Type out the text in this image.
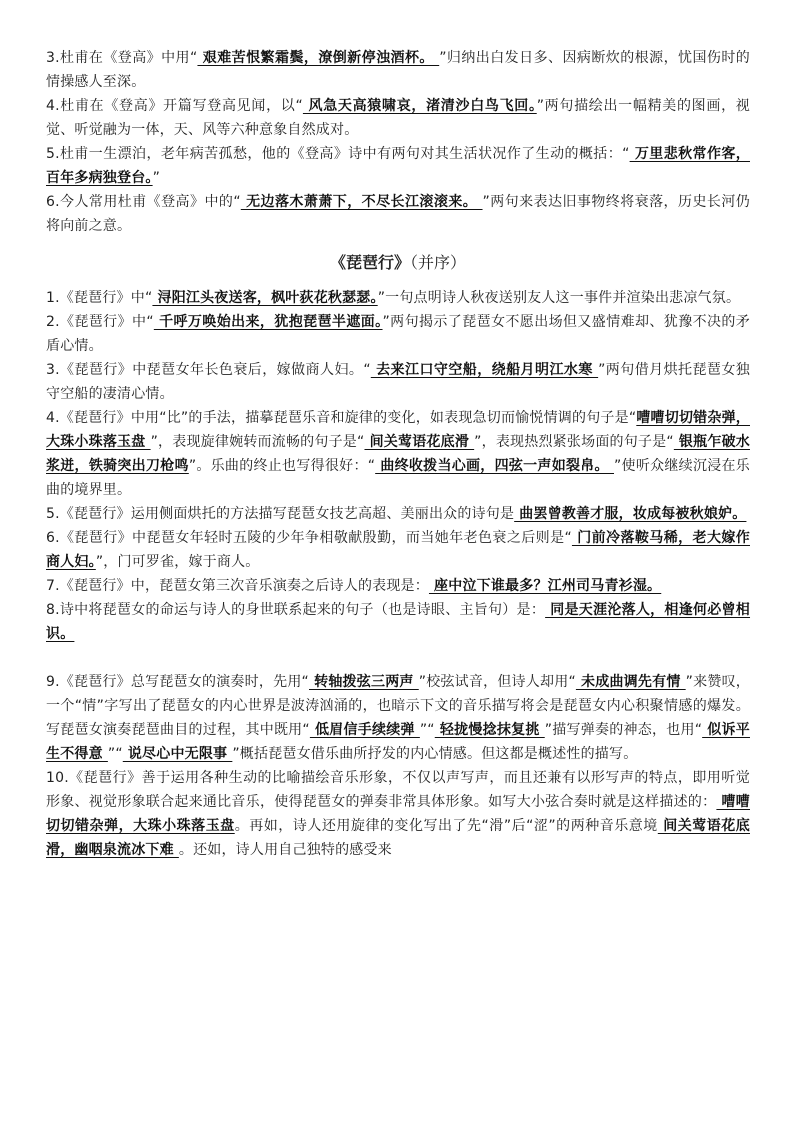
3.杜甫在《登高》中用“ 艰难苦恨繁霜鬓，潦倒新停浊酒杯。 ”归纳出白发日多、因病断炊的根源，忧国伤时的情操感人至深。

4.杜甫在《登高》开篇写登高见闻，以“ 风急天高猿啸哀，渚清沙白鸟飞回。”两句描绘出一幅精美的图画，视觉、听觉融为一体，天、风等六种意象自然成对。

5.杜甫一生漂泊，老年病苦孤愁，他的《登高》诗中有两句对其生活状况作了生动的概括：“ 万里悲秋常作客，百年多病独登台。”

6.今人常用杜甫《登高》中的“ 无边落木萧萧下，不尽长江滚滚来。 ”两句来表达旧事物终将衰落，历史长河仍将向前之意。

《琵琶行》（并序）

1.《琵琶行》中“ 浔阳江头夜送客，枫叶荻花秋瑟瑟。”一句点明诗人秋夜送别友人这一事件并渲染出悲凉气氛。

2.《琵琶行》中“ 千呼万唤始出来，犹抱琵琶半遮面。”两句揭示了琵琶女不愿出场但又盛情难却、犹豫不决的矛盾心情。

3.《琵琶行》中琵琶女年长色衰后，嫁做商人妇。“ 去来江口守空船，绕船月明江水寒 ”两句借月烘托琵琶女独守空船的凄清心情。

4.《琵琶行》中用“比”的手法，描摹琵琶乐音和旋律的变化，如表现急切而愉悦情调的句子是“嘈嘈切切错杂弹，大珠小珠落玉盘 ”，表现旋律婉转而流畅的句子是“ 间关莺语花底滑 ”，表现热烈紧张场面的句子是“ 银瓶乍破水浆迸，铁骑突出刀枪鸣”。乐曲的终止也写得很好：“ 曲终收拨当心画，四弦一声如裂帛。 ”使听众继续沉浸在乐曲的境界里。

5.《琵琶行》运用侧面烘托的方法描写琵琶女技艺高超、美丽出众的诗句是 曲罢曾教善才服，妆成每被秋娘妒。

6.《琵琶行》中琵琶女年轻时五陵的少年争相敬献殷勤，而当她年老色衰之后则是“ 门前冷落鞍马稀，老大嫁作商人妇。”，门可罗雀，嫁于商人。

7.《琵琶行》中，琵琶女第三次音乐演奏之后诗人的表现是： 座中泣下谁最多？江州司马青衫湿。

8.诗中将琵琶女的命运与诗人的身世联系起来的句子（也是诗眼、主旨句）是： 同是天涯沦落人，相逢何必曾相识。

9.《琵琶行》总写琵琶女的演奏时，先用“ 转轴拨弦三两声 ”校弦试音，但诗人却用“ 未成曲调先有情 ”来赞叹，一个“情”字写出了琵琶女的内心世界是波涛汹涌的，也暗示下文的音乐描写将会是琵琶女内心积聚情感的爆发。写琵琶女演奏琵琶曲目的过程，其中既用“ 低眉信手续续弹 ”“ 轻拢慢捻抹复挑 ”描写弹奏的神态，也用“ 似诉平生不得意 ”“ 说尽心中无限事 ”概括琵琶女借乐曲所抒发的内心情感。但这都是概述性的描写。

10.《琵琶行》善于运用各种生动的比喻描绘音乐形象，不仅以声写声，而且还兼有以形写声的特点，即用听觉形象、视觉形象联合起来通比音乐，使得琵琶女的弹奏非常具体形象。如写大小弦合奏时就是这样描述的： 嘈嘈切切错杂弹，大珠小珠落玉盘。再如，诗人还用旋律的变化写出了先“滑”后“涩”的两种音乐意境 间关莺语花底滑，幽咽泉流冰下难 。还如，诗人用自己独特的感受来
